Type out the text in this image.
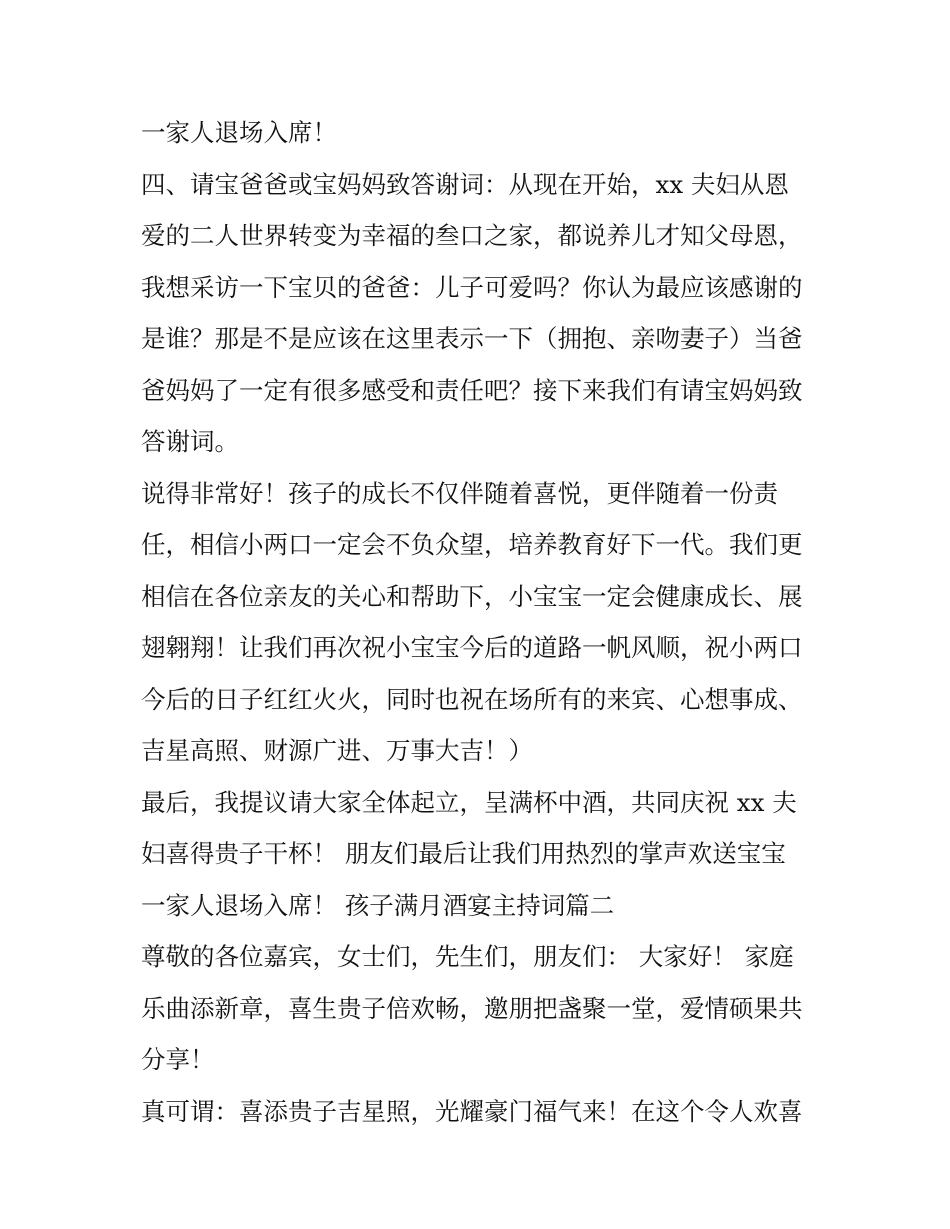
一家人退场入席！
四、请宝爸爸或宝妈妈致答谢词：从现在开始，xx 夫妇从恩
爱的二人世界转变为幸福的叁口之家，都说养儿才知父母恩，
我想采访一下宝贝的爸爸：儿子可爱吗？你认为最应该感谢的
是谁？那是不是应该在这里表示一下（拥抱、亲吻妻子）当爸
爸妈妈了一定有很多感受和责任吧？接下来我们有请宝妈妈致
答谢词。
说得非常好！孩子的成长不仅伴随着喜悦，更伴随着一份责
任，相信小两口一定会不负众望，培养教育好下一代。我们更
相信在各位亲友的关心和帮助下，小宝宝一定会健康成长、展
翅翱翔！让我们再次祝小宝宝今后的道路一帆风顺，祝小两口
今后的日子红红火火，同时也祝在场所有的来宾、心想事成、
吉星高照、财源广进、万事大吉！）
最后，我提议请大家全体起立，呈满杯中酒，共同庆祝 xx 夫
妇喜得贵子干杯！ 朋友们最后让我们用热烈的掌声欢送宝宝
一家人退场入席！ 孩子满月酒宴主持词篇二
尊敬的各位嘉宾，女士们，先生们，朋友们： 大家好！ 家庭
乐曲添新章，喜生贵子倍欢畅，邀朋把盏聚一堂，爱情硕果共
分享！
真可谓：喜添贵子吉星照，光耀豪门福气来！在这个令人欢喜
